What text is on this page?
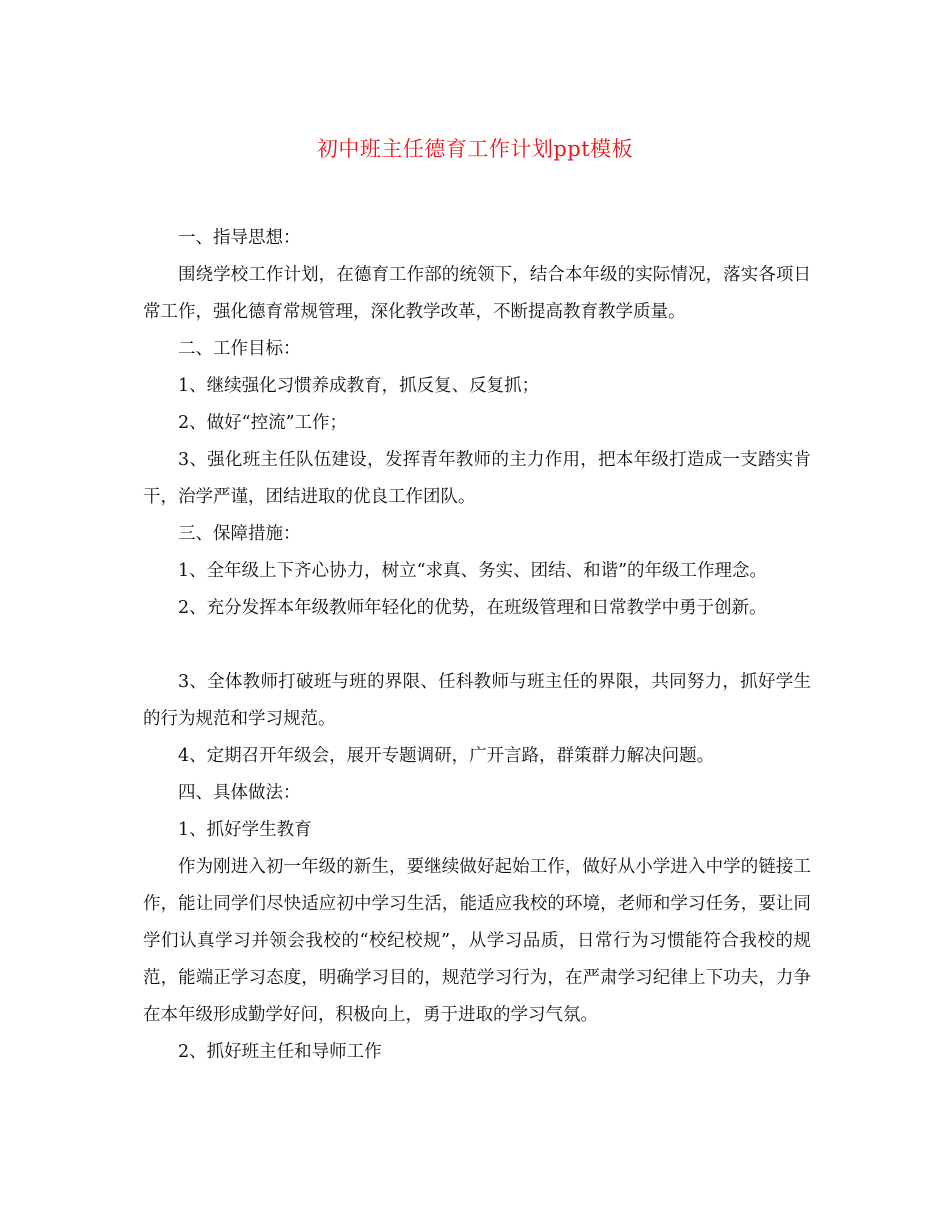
初中班主任德育工作计划ppt模板

一、指导思想：

围绕学校工作计划，在德育工作部的统领下，结合本年级的实际情况，落实各项日常工作，强化德育常规管理，深化教学改革，不断提高教育教学质量。

二、工作目标：

1、继续强化习惯养成教育，抓反复、反复抓；

2、做好“控流”工作；

3、强化班主任队伍建设，发挥青年教师的主力作用，把本年级打造成一支踏实肯干，治学严谨，团结进取的优良工作团队。

三、保障措施：

1、全年级上下齐心协力，树立“求真、务实、团结、和谐”的年级工作理念。

2、充分发挥本年级教师年轻化的优势，在班级管理和日常教学中勇于创新。

3、全体教师打破班与班的界限、任科教师与班主任的界限，共同努力，抓好学生的行为规范和学习规范。

4、定期召开年级会，展开专题调研，广开言路，群策群力解决问题。

四、具体做法：

1、抓好学生教育

作为刚进入初一年级的新生，要继续做好起始工作，做好从小学进入中学的链接工作，能让同学们尽快适应初中学习生活，能适应我校的环境，老师和学习任务，要让同学们认真学习并领会我校的“校纪校规”，从学习品质，日常行为习惯能符合我校的规范，能端正学习态度，明确学习目的，规范学习行为，在严肃学习纪律上下功夫，力争在本年级形成勤学好问，积极向上，勇于进取的学习气氛。

2、抓好班主任和导师工作
